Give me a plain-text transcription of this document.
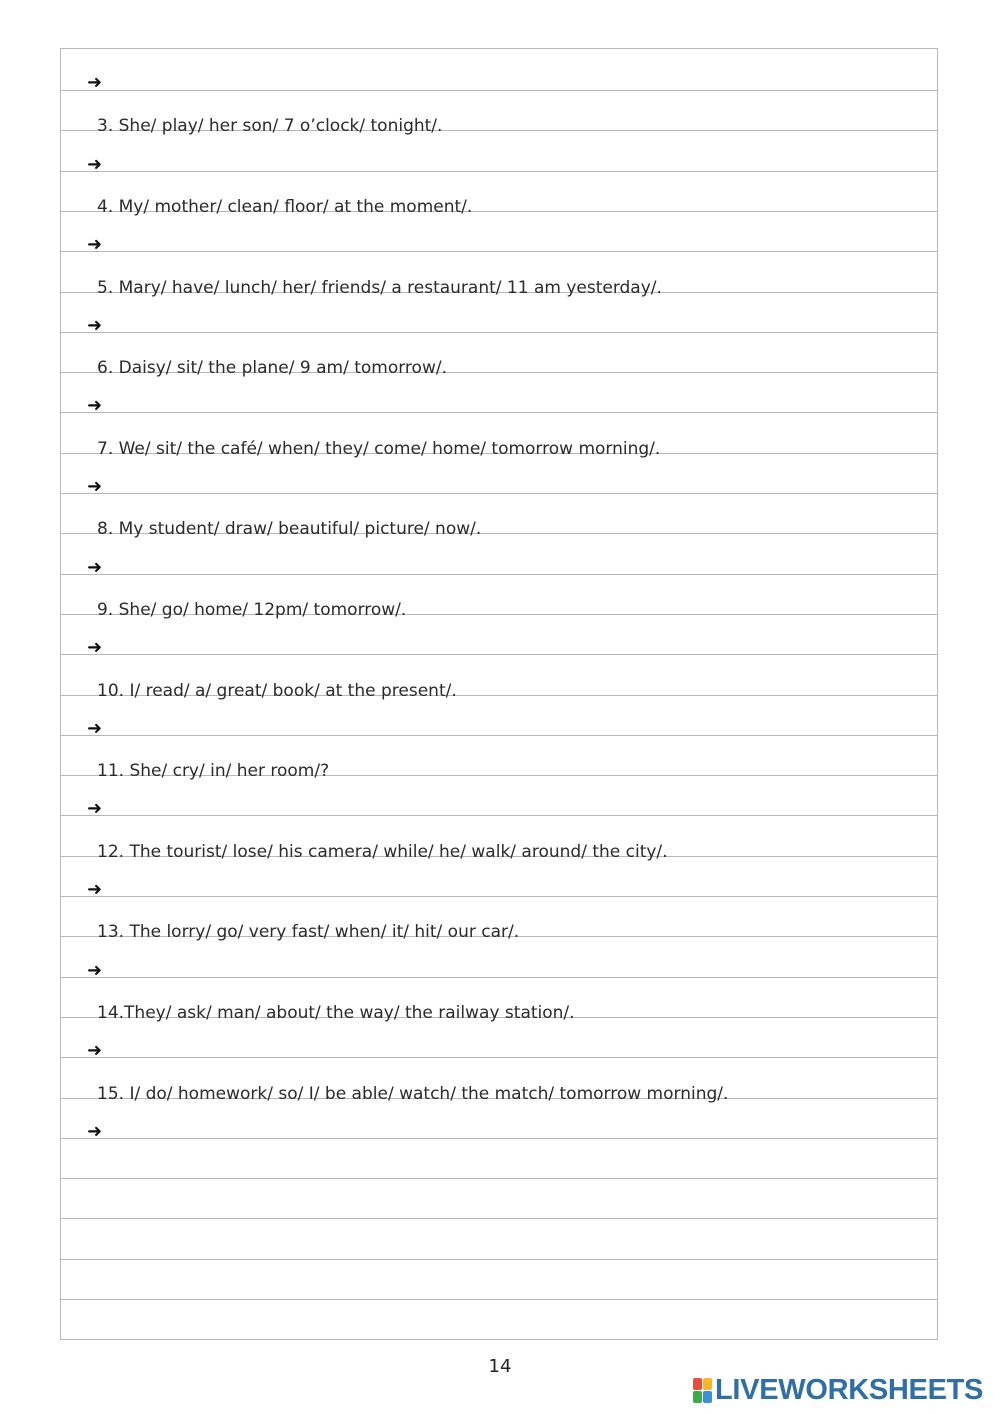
➜
3. She/ play/ her son/ 7 o’clock/ tonight/.
➜
4. My/ mother/ clean/ floor/ at the moment/.
➜
5. Mary/ have/ lunch/ her/ friends/ a restaurant/ 11 am yesterday/.
➜
6. Daisy/ sit/ the plane/ 9 am/ tomorrow/.
➜
7. We/ sit/ the café/ when/ they/ come/ home/ tomorrow morning/.
➜
8. My student/ draw/ beautiful/ picture/ now/.
➜
9. She/ go/ home/ 12pm/ tomorrow/.
➜
10. I/ read/ a/ great/ book/ at the present/.
➜
11. She/ cry/ in/ her room/?
➜
12. The tourist/ lose/ his camera/ while/ he/ walk/ around/ the city/.
➜
13. The lorry/ go/ very fast/ when/ it/ hit/ our car/.
➜
14.They/ ask/ man/ about/ the way/ the railway station/.
➜
15. I/ do/ homework/ so/ I/ be able/ watch/ the match/ tomorrow morning/.
➜
14
LIVEWORKSHEETS
